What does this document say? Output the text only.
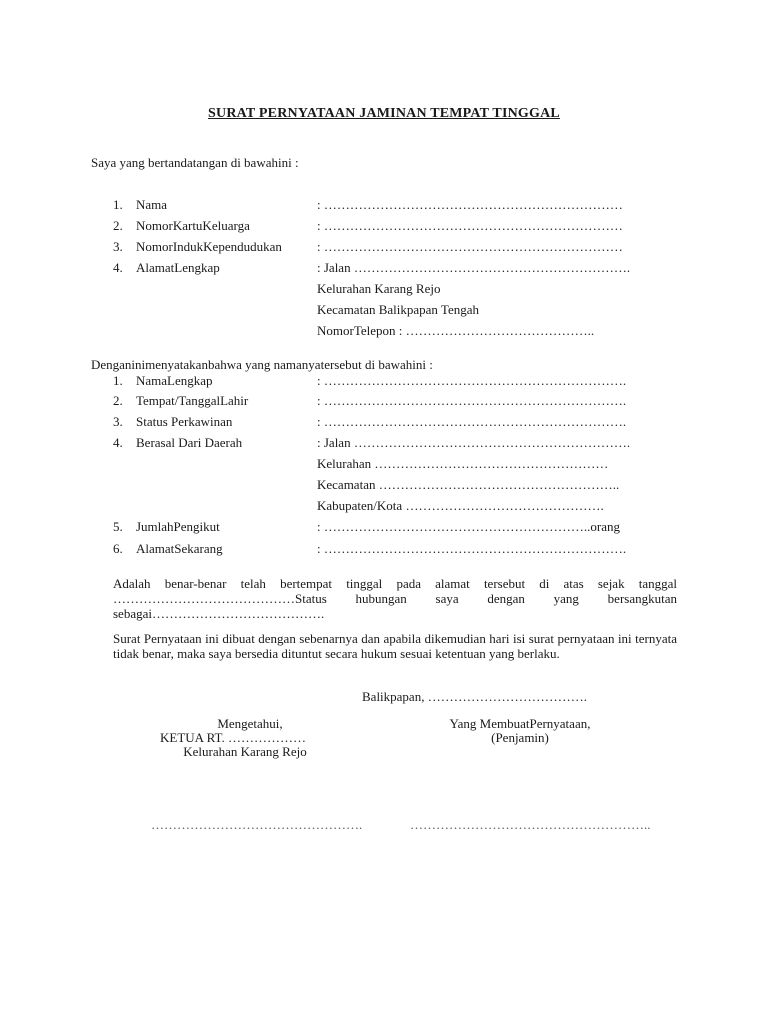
SURAT PERNYATAAN JAMINAN TEMPAT TINGGAL
Saya yang bertandatangan di bawahini :
1. Nama	: ……………………………………………………………
2. NomorKartuKeluarga	: ……………………………………………………………
3. NomorIndukKependudukan	: ……………………………………………………………
4. AlamatLengkap	: Jalan ……………………………………………………….
Kelurahan Karang Rejo
Kecamatan Balikpapan Tengah
NomorTelepon : ……………………………………..
Denganinimenyatakanbahwa yang namanyatersebut di bawahini :
1. NamaLengkap	: …………………………………………………………….
2. Tempat/TanggalLahir	: …………………………………………………………….
3. Status Perkawinan	: …………………………………………………………….
4. Berasal Dari Daerah	: Jalan ……………………………………………………….
Kelurahan ………………………………………………
Kecamatan ………………………………………………..
Kabupaten/Kota ……………………………………….
5. JumlahPengikut	: ……………………………………………………..orang
6. AlamatSekarang	: …………………………………………………………….
Adalah benar-benar telah bertempat tinggal pada alamat tersebut di atas sejak tanggal ……………………………………Status hubungan saya dengan yang bersangkutan sebagai………………………………….
Surat Pernyataan ini dibuat dengan sebenarnya dan apabila dikemudian hari isi surat pernyataan ini ternyata tidak benar, maka saya bersedia dituntut secara hukum sesuai ketentuan yang berlaku.
Balikpapan, ……………………………….
Mengetahui,
KETUA RT. ………………
Kelurahan Karang Rejo
Yang MembuatPernyataan,
(Penjamin)
………………………………………….	………………………………………………..
